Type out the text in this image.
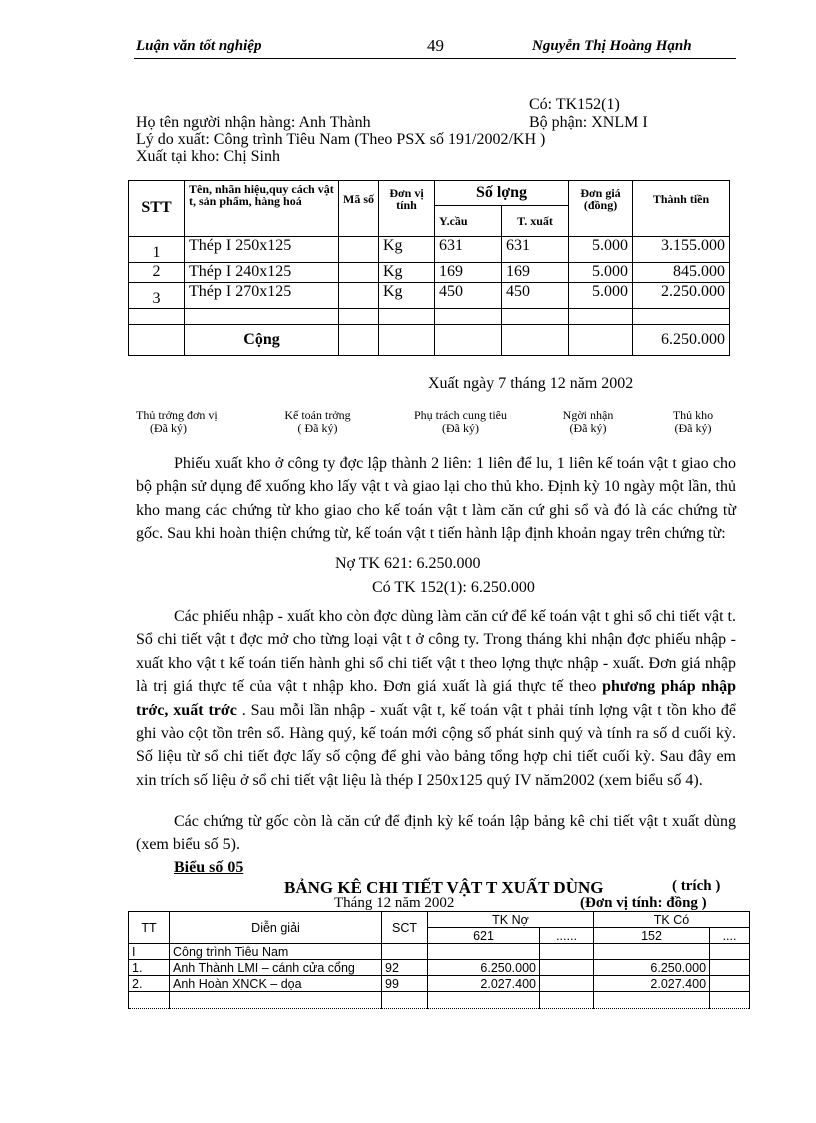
Luận văn tốt nghiệp	49	Nguyễn Thị Hoàng Hạnh
Có: TK152(1)
Họ tên người nhận hàng: Anh Thành	Bộ phận: XNLM I
Lý do xuất: Công trình Tiêu Nam (Theo PSX số 191/2002/KH )
Xuất tại kho: Chị Sinh
STT	Tên, nhãn hiệu,quy cách vật t, sản phẩm, hàng hoá	Mã số	Đơn vị tính	Số lợng		Đơn giá (đồng)	Thành tiền
				Y.cầu	T. xuất		
1	Thép I 250x125		Kg	631	631	5.000	3.155.000
2	Thép I 240x125		Kg	169	169	5.000	845.000
3	Thép I 270x125		Kg	450	450	5.000	2.250.000

	Cộng						6.250.000
Xuất ngày 7 tháng 12 năm 2002
Thủ trởng đơn vị
(Đã ký)
Kế toán trởng
( Đã ký)
Phụ trách cung tiêu
(Đã ký)
Ngời nhận
(Đã ký)
Thủ kho
(Đã ký)

Phiếu xuất kho ở công ty đợc lập thành 2 liên: 1 liên để lu, 1 liên kế toán vật t giao cho bộ phận sử dụng để xuống kho lấy vật t và giao lại cho thủ kho. Định kỳ 10 ngày một lần, thủ kho mang các chứng từ kho giao cho kế toán vật t làm căn cứ ghi sổ và đó là các chứng từ gốc. Sau khi hoàn thiện chứng từ, kế toán vật t tiến hành lập định khoản ngay trên chứng từ:

Nợ TK 621: 6.250.000
Có TK 152(1): 6.250.000

Các phiếu nhập - xuất kho còn đợc dùng làm căn cứ để kế toán vật t ghi sổ chi tiết vật t. Sổ chi tiết vật t đợc mở cho từng loại vật t ở công ty. Trong tháng khi nhận đợc phiếu nhập - xuất kho vật t kế toán tiến hành ghi sổ chi tiết vật t theo lợng thực nhập - xuất. Đơn giá nhập là trị giá thực tế của vật t nhập kho. Đơn giá xuất là giá thực tế theo phương pháp nhập trớc, xuất trớc . Sau mỗi lần nhập - xuất vật t, kế toán vật t phải tính lợng vật t tồn kho để ghi vào cột tồn trên sổ. Hàng quý, kế toán mới cộng số phát sinh quý và tính ra số d cuối kỳ. Số liệu từ sổ chi tiết đợc lấy số cộng để ghi vào bảng tổng hợp chi tiết cuối kỳ. Sau đây em xin trích số liệu ở sổ chi tiết vật liệu là thép I 250x125 quý IV năm2002 (xem biểu số 4).

Các chứng từ gốc còn là căn cứ để định kỳ kế toán lập bảng kê chi tiết vật t xuất dùng (xem biểu số 5).

Biểu số 05
BẢNG KÊ CHI TIẾT VẬT T XUẤT DÙNG	( trích )
Tháng 12 năm 2002	(Đơn vị tính: đồng )
TT	Diễn giải	SCT	TK Nợ		TK Có	
			621	......	152	....
I	Công trình Tiêu Nam					
1.	Anh Thành LMI – cánh cửa cổng	92	6.250.000		6.250.000	
2.	Anh Hoàn XNCK – dọa	99	2.027.400		2.027.400	
